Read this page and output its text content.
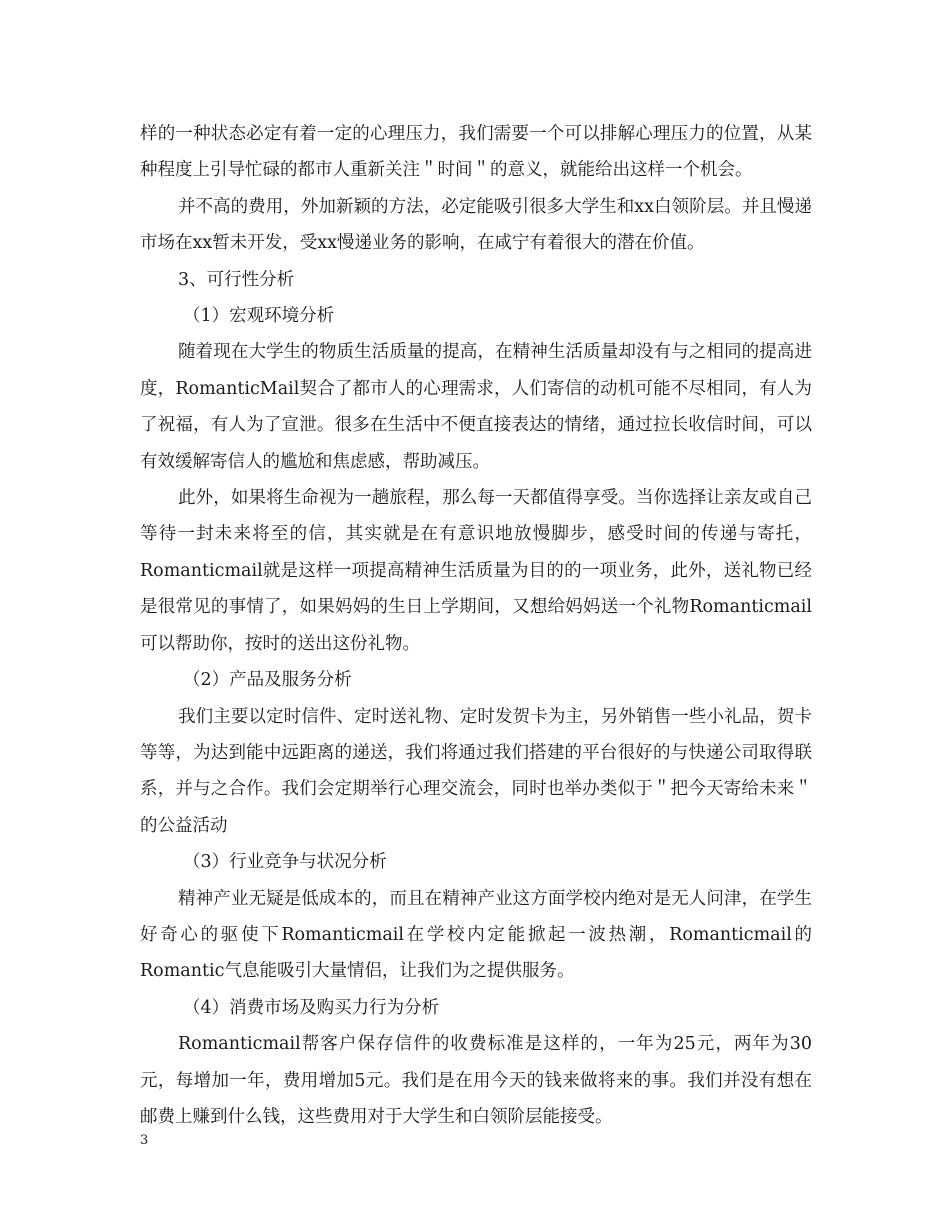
样的一种状态必定有着一定的心理压力，我们需要一个可以排解心理压力的位置，从某种程度上引导忙碌的都市人重新关注＂时间＂的意义，就能给出这样一个机会。

并不高的费用，外加新颖的方法，必定能吸引很多大学生和xx白领阶层。并且慢递市场在xx暂未开发，受xx慢递业务的影响，在咸宁有着很大的潜在价值。

3、可行性分析

（1）宏观环境分析

随着现在大学生的物质生活质量的提高，在精神生活质量却没有与之相同的提高进度，RomanticMail契合了都市人的心理需求，人们寄信的动机可能不尽相同，有人为了祝福，有人为了宣泄。很多在生活中不便直接表达的情绪，通过拉长收信时间，可以有效缓解寄信人的尴尬和焦虑感，帮助减压。

此外，如果将生命视为一趟旅程，那么每一天都值得享受。当你选择让亲友或自己等待一封未来将至的信，其实就是在有意识地放慢脚步，感受时间的传递与寄托，Romanticmail就是这样一项提高精神生活质量为目的的一项业务，此外，送礼物已经是很常见的事情了，如果妈妈的生日上学期间，又想给妈妈送一个礼物Romanticmail可以帮助你，按时的送出这份礼物。

（2）产品及服务分析

我们主要以定时信件、定时送礼物、定时发贺卡为主，另外销售一些小礼品，贺卡等等，为达到能中远距离的递送，我们将通过我们搭建的平台很好的与快递公司取得联系，并与之合作。我们会定期举行心理交流会，同时也举办类似于＂把今天寄给未来＂的公益活动

（3）行业竞争与状况分析

精神产业无疑是低成本的，而且在精神产业这方面学校内绝对是无人问津，在学生好奇心的驱使下Romanticmail在学校内定能掀起一波热潮，Romanticmail的Romantic气息能吸引大量情侣，让我们为之提供服务。

（4）消费市场及购买力行为分析

Romanticmail帮客户保存信件的收费标准是这样的，一年为25元，两年为30元，每增加一年，费用增加5元。我们是在用今天的钱来做将来的事。我们并没有想在邮费上赚到什么钱，这些费用对于大学生和白领阶层能接受。

3
